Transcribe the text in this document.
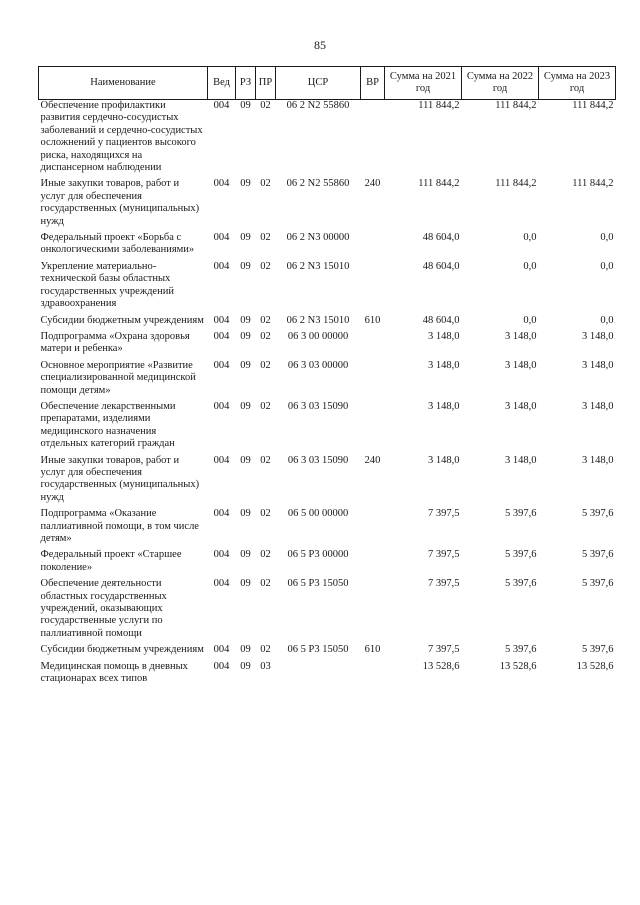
85
Наименование	Вед	РЗ	ПР	ЦСР	ВР	Сумма на 2021 год	Сумма на 2022 год	Сумма на 2023 год
Обеспечение профилактики развития сердечно-сосудистых заболеваний и сердечно-сосудистых осложнений у пациентов высокого риска, находящихся на диспансерном наблюдении	004	09	02	06 2 N2 55860		111 844,2	111 844,2	111 844,2
Иные закупки товаров, работ и услуг для обеспечения государственных (муниципальных) нужд	004	09	02	06 2 N2 55860	240	111 844,2	111 844,2	111 844,2
Федеральный проект «Борьба с онкологическими заболеваниями»	004	09	02	06 2 N3 00000		48 604,0	0,0	0,0
Укрепление материально-технической базы областных государственных учреждений здравоохранения	004	09	02	06 2 N3 15010		48 604,0	0,0	0,0
Субсидии бюджетным учреждениям	004	09	02	06 2 N3 15010	610	48 604,0	0,0	0,0
Подпрограмма «Охрана здоровья матери и ребенка»	004	09	02	06 3 00 00000		3 148,0	3 148,0	3 148,0
Основное мероприятие «Развитие специализированной медицинской помощи детям»	004	09	02	06 3 03 00000		3 148,0	3 148,0	3 148,0
Обеспечение лекарственными препаратами, изделиями медицинского назначения отдельных категорий граждан	004	09	02	06 3 03 15090		3 148,0	3 148,0	3 148,0
Иные закупки товаров, работ и услуг для обеспечения государственных (муниципальных) нужд	004	09	02	06 3 03 15090	240	3 148,0	3 148,0	3 148,0
Подпрограмма «Оказание паллиативной помощи, в том числе детям»	004	09	02	06 5 00 00000		7 397,5	5 397,6	5 397,6
Федеральный проект «Старшее поколение»	004	09	02	06 5 P3 00000		7 397,5	5 397,6	5 397,6
Обеспечение деятельности областных государственных учреждений, оказывающих государственные услуги по паллиативной помощи	004	09	02	06 5 P3 15050		7 397,5	5 397,6	5 397,6
Субсидии бюджетным учреждениям	004	09	02	06 5 P3 15050	610	7 397,5	5 397,6	5 397,6
Медицинская помощь в дневных стационарах всех типов	004	09	03			13 528,6	13 528,6	13 528,6
